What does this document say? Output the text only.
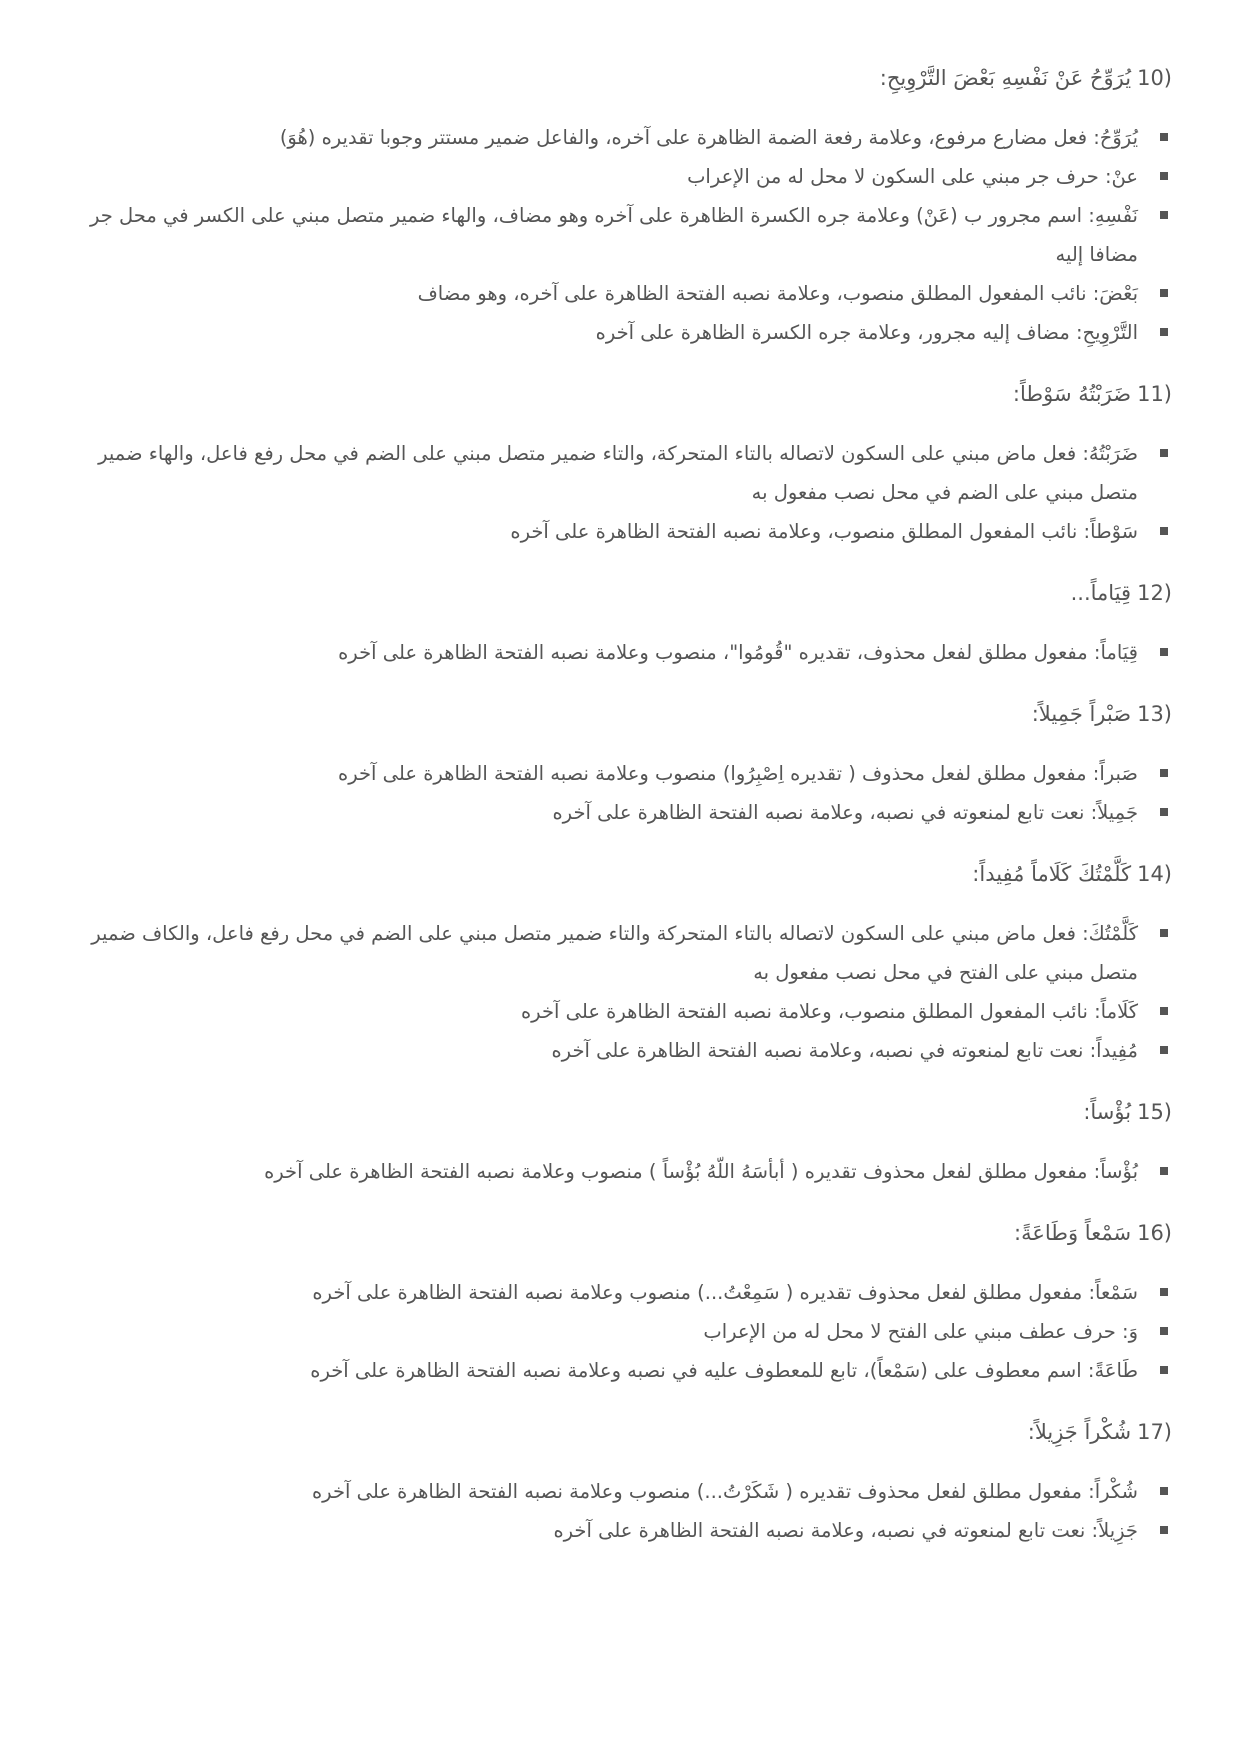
10)يُرَوِّحُ عَنْ نَفْسِهِ بَعْضَ التَّرْوِيحِ:
يُرَوِّحُ: فعل مضارع مرفوع، وعلامة رفعة الضمة الظاهرة على آخره، والفاعل ضمير مستتر وجوبا تقديره (هُوَ)
عنْ: حرف جر مبني على السكون لا محل له من الإعراب
نَفْسِهِ: اسم مجرور ب (عَنْ) وعلامة جره الكسرة الظاهرة على آخره وهو مضاف، والهاء ضمير متصل مبني على الكسر في محل جر مضافا إليه
بَعْضَ: نائب المفعول المطلق منصوب، وعلامة نصبه الفتحة الظاهرة على آخره، وهو مضاف
التَّرْوِيحِ: مضاف إليه مجرور، وعلامة جره الكسرة الظاهرة على آخره
11)ضَرَبْتُهُ سَوْطاً:
ضَرَبْتُهُ: فعل ماض مبني على السكون لاتصاله بالتاء المتحركة، والتاء ضمير متصل مبني على الضم في محل رفع فاعل، والهاء ضمير متصل مبني على الضم في محل نصب مفعول به
سَوْطاً: نائب المفعول المطلق منصوب، وعلامة نصبه الفتحة الظاهرة على آخره
12)قِيَاماً...
قِيَاماً: مفعول مطلق لفعل محذوف، تقديره "قُومُوا"، منصوب وعلامة نصبه الفتحة الظاهرة على آخره
13)صَبْراً جَمِيلاً:
صَبراً: مفعول مطلق لفعل محذوف ( تقديره اِصْبِرُوا) منصوب وعلامة نصبه الفتحة الظاهرة على آخره
جَمِيلاً: نعت تابع لمنعوته في نصبه، وعلامة نصبه الفتحة الظاهرة على آخره
14)كَلَّمْتُكَ كَلَاماً مُفِيداً:
كَلَّمْتُكَ: فعل ماض مبني على السكون لاتصاله بالتاء المتحركة والتاء ضمير متصل مبني على الضم في محل رفع فاعل، والكاف ضمير متصل مبني على الفتح في محل نصب مفعول به
كَلَاماً: نائب المفعول المطلق منصوب، وعلامة نصبه الفتحة الظاهرة على آخره
مُفِيداً: نعت تابع لمنعوته في نصبه، وعلامة نصبه الفتحة الظاهرة على آخره
15)بُؤْساً:
بُؤْساً: مفعول مطلق لفعل محذوف تقديره ( أبأسَهُ اللّهُ بُؤْساً ) منصوب وعلامة نصبه الفتحة الظاهرة على آخره
16)سَمْعاً وَطَاعَةً:
سَمْعاً: مفعول مطلق لفعل محذوف تقديره ( سَمِعْتُ...) منصوب وعلامة نصبه الفتحة الظاهرة على آخره
وَ: حرف عطف مبني على الفتح لا محل له من الإعراب
طَاعَةً: اسم معطوف على (سَمْعاً)، تابع للمعطوف عليه في نصبه وعلامة نصبه الفتحة الظاهرة على آخره
17)شُكْراً جَزِيلاً:
شُكْراً: مفعول مطلق لفعل محذوف تقديره ( شَكَرْتُ...) منصوب وعلامة نصبه الفتحة الظاهرة على آخره
جَزِيلاً: نعت تابع لمنعوته في نصبه، وعلامة نصبه الفتحة الظاهرة على آخره
